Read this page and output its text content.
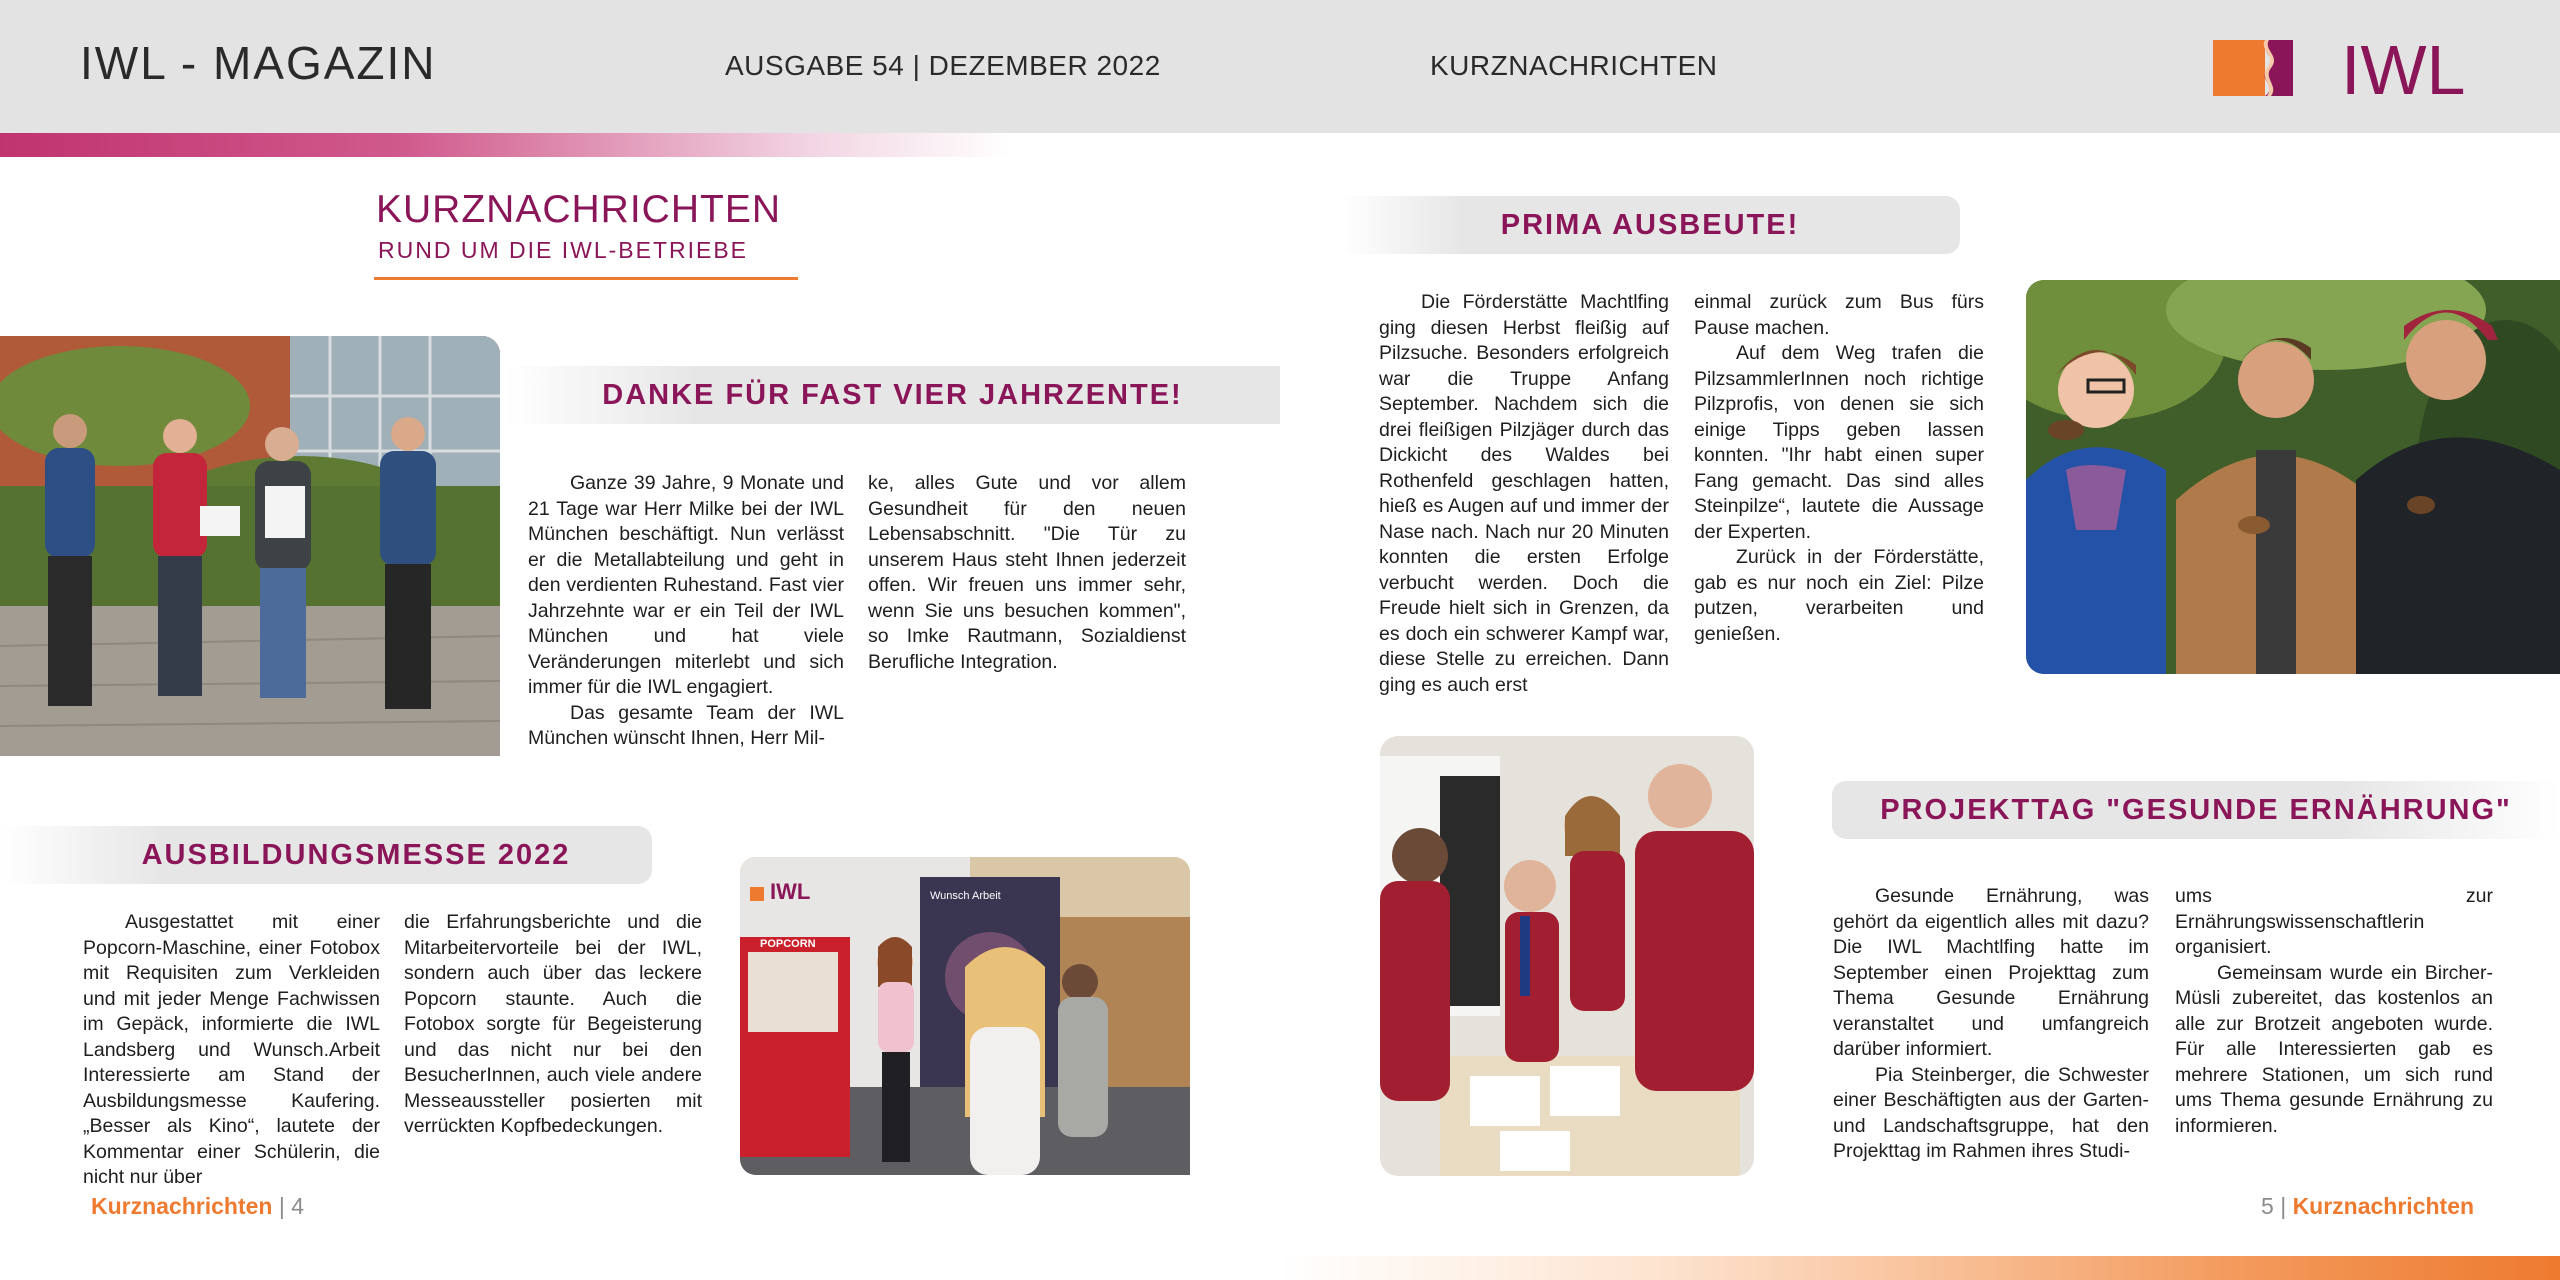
IWL - MAGAZIN	AUSGABE 54 | DEZEMBER 2022	KURZNACHRICHTEN	IWL
KURZNACHRICHTEN
RUND UM DIE IWL-BETRIEBE
DANKE FÜR FAST VIER JAHRZENTE!

Ganze 39 Jahre, 9 Monate und 21 Tage war Herr Milke bei der IWL München beschäftigt. Nun verlässt er die Metallabteilung und geht in den verdienten Ruhestand. Fast vier Jahrzehnte war er ein Teil der IWL München und hat viele Veränderungen miterlebt und sich immer für die IWL engagiert.

Das gesamte Team der IWL München wünscht Ihnen, Herr Mil-

ke, alles Gute und vor allem Gesundheit für den neuen Lebensabschnitt. "Die Tür zu unserem Haus steht Ihnen jederzeit offen. Wir freuen uns immer sehr, wenn Sie uns besuchen kommen", so Imke Rautmann, Sozialdienst Berufliche Integration.

AUSBILDUNGSMESSE 2022

Ausgestattet mit einer Popcorn-Maschine, einer Fotobox mit Requisiten zum Verkleiden und mit jeder Menge Fachwissen im Gepäck, informierte die IWL Landsberg und Wunsch.Arbeit Interessierte am Stand der Ausbildungsmesse Kaufering. „Besser als Kino“, lautete der Kommentar einer Schülerin, die nicht nur über

die Erfahrungsberichte und die Mitarbeitervorteile bei der IWL, sondern auch über das leckere Popcorn staunte. Auch die Fotobox sorgte für Begeisterung und das nicht nur bei den BesucherInnen, auch viele andere Messeaussteller posierten mit verrückten Kopfbedeckungen.

IWL	Wunsch Arbeit
POPCORN
Kurznachrichten | 4
PRIMA AUSBEUTE!

Die Förderstätte Machtlfing ging diesen Herbst fleißig auf Pilzsuche. Besonders erfolgreich war die Truppe Anfang September. Nachdem sich die drei fleißigen Pilzjäger durch das Dickicht des Waldes bei Rothenfeld geschlagen hatten, hieß es Augen auf und immer der Nase nach. Nach nur 20 Minuten konnten die ersten Erfolge verbucht werden. Doch die Freude hielt sich in Grenzen, da es doch ein schwerer Kampf war, diese Stelle zu erreichen. Dann ging es auch erst

einmal zurück zum Bus fürs Pause machen.

Auf dem Weg trafen die PilzsammlerInnen noch richtige Pilzprofis, von denen sie sich einige Tipps geben lassen konnten. "Ihr habt einen super Fang gemacht. Das sind alles Steinpilze“, lautete die Aussage der Experten.

Zurück in der Förderstätte, gab es nur noch ein Ziel: Pilze putzen, verarbeiten und genießen.

PROJEKTTAG "GESUNDE ERNÄHRUNG"

Gesunde Ernährung, was gehört da eigentlich alles mit dazu? Die IWL Machtlfing hatte im September einen Projekttag zum Thema Gesunde Ernährung veranstaltet und umfangreich darüber informiert.

Pia Steinberger, die Schwester einer Beschäftigten aus der Garten- und Landschaftsgruppe, hat den Projekttag im Rahmen ihres Studi-

ums zur Ernährungswissenschaftlerin organisiert.

Gemeinsam wurde ein Bircher-Müsli zubereitet, das kostenlos an alle zur Brotzeit angeboten wurde. Für alle Interessierten gab es mehrere Stationen, um sich rund ums Thema gesunde Ernährung zu informieren.

5 | Kurznachrichten
